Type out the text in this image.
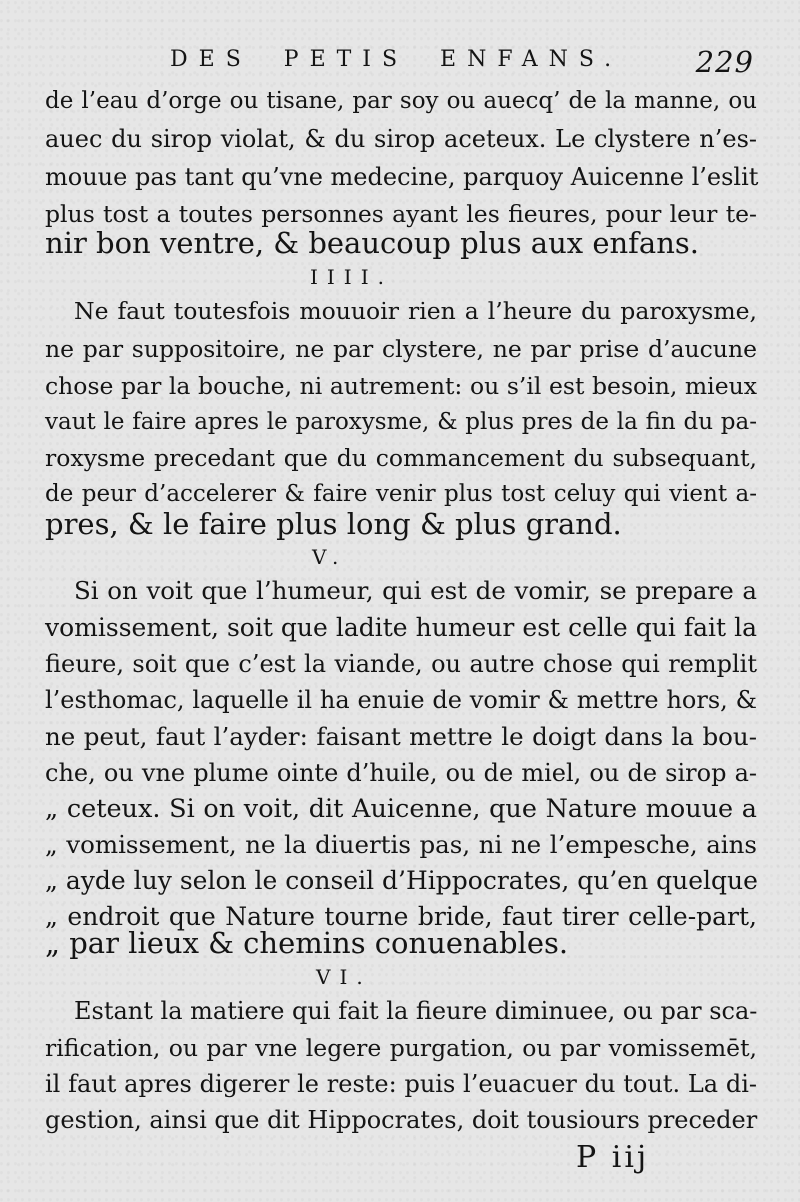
DES PETIS ENFANS.	229
de l’eau d’orge ou tisane, par soy ou auecq’ de la manne, ou
auec du sirop violat, & du sirop aceteux. Le clystere n’es-
mouue pas tant qu’vne medecine, parquoy Auicenne l’eslit
plus tost a toutes personnes ayant les fieures, pour leur te-
nir bon ventre, & beaucoup plus aux enfans.
IIII.
Ne faut toutesfois mouuoir rien a l’heure du paroxysme,
ne par suppositoire, ne par clystere, ne par prise d’aucune
chose par la bouche, ni autrement: ou s’il est besoin, mieux
vaut le faire apres le paroxysme, & plus pres de la fin du pa-
roxysme precedant que du commancement du subsequant,
de peur d’accelerer & faire venir plus tost celuy qui vient a-
pres, & le faire plus long & plus grand.
V.
Si on voit que l’humeur, qui est de vomir, se prepare a
vomissement, soit que ladite humeur est celle qui fait la
fieure, soit que c’est la viande, ou autre chose qui remplit
l’esthomac, laquelle il ha enuie de vomir & mettre hors, &
ne peut, faut l’ayder: faisant mettre le doigt dans la bou-
che, ou vne plume ointe d’huile, ou de miel, ou de sirop a-
„ ceteux. Si on voit, dit Auicenne, que Nature mouue a
„ vomissement, ne la diuertis pas, ni ne l’empesche, ains
„ ayde luy selon le conseil d’Hippocrates, qu’en quelque
„ endroit que Nature tourne bride, faut tirer celle-part,
„ par lieux & chemins conuenables.
VI.
Estant la matiere qui fait la fieure diminuee, ou par sca-
rification, ou par vne legere purgation, ou par vomissemēt,
il faut apres digerer le reste: puis l’euacuer du tout. La di-
gestion, ainsi que dit Hippocrates, doit tousiours preceder
P iij
